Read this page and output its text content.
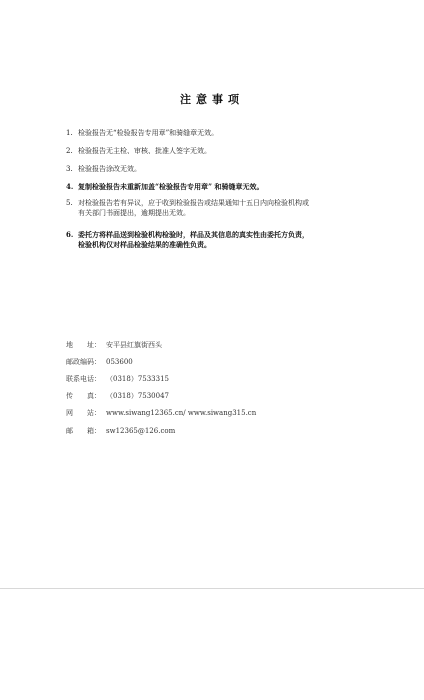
注意事项
1. 检验报告无“检验报告专用章”和骑缝章无效。
2. 检验报告无主检、审核、批准人签字无效。
3. 检验报告涂改无效。
4. 复制检验报告未重新加盖“检验报告专用章” 和骑缝章无效。
5. 对检验报告若有异议，应于收到检验报告或结果通知十五日内向检验机构或
有关部门书面提出，逾期提出无效。
6. 委托方将样品送到检验机构检验时，样品及其信息的真实性由委托方负责，
检验机构仅对样品检验结果的准确性负责。
地　　址： 安平县红旗街西头
邮政编码： 053600
联系电话： （0318）7533315
传　　真： （0318）7530047
网　　站： www.siwang12365.cn/ www.siwang315.cn
邮　　箱： sw12365@126.com
